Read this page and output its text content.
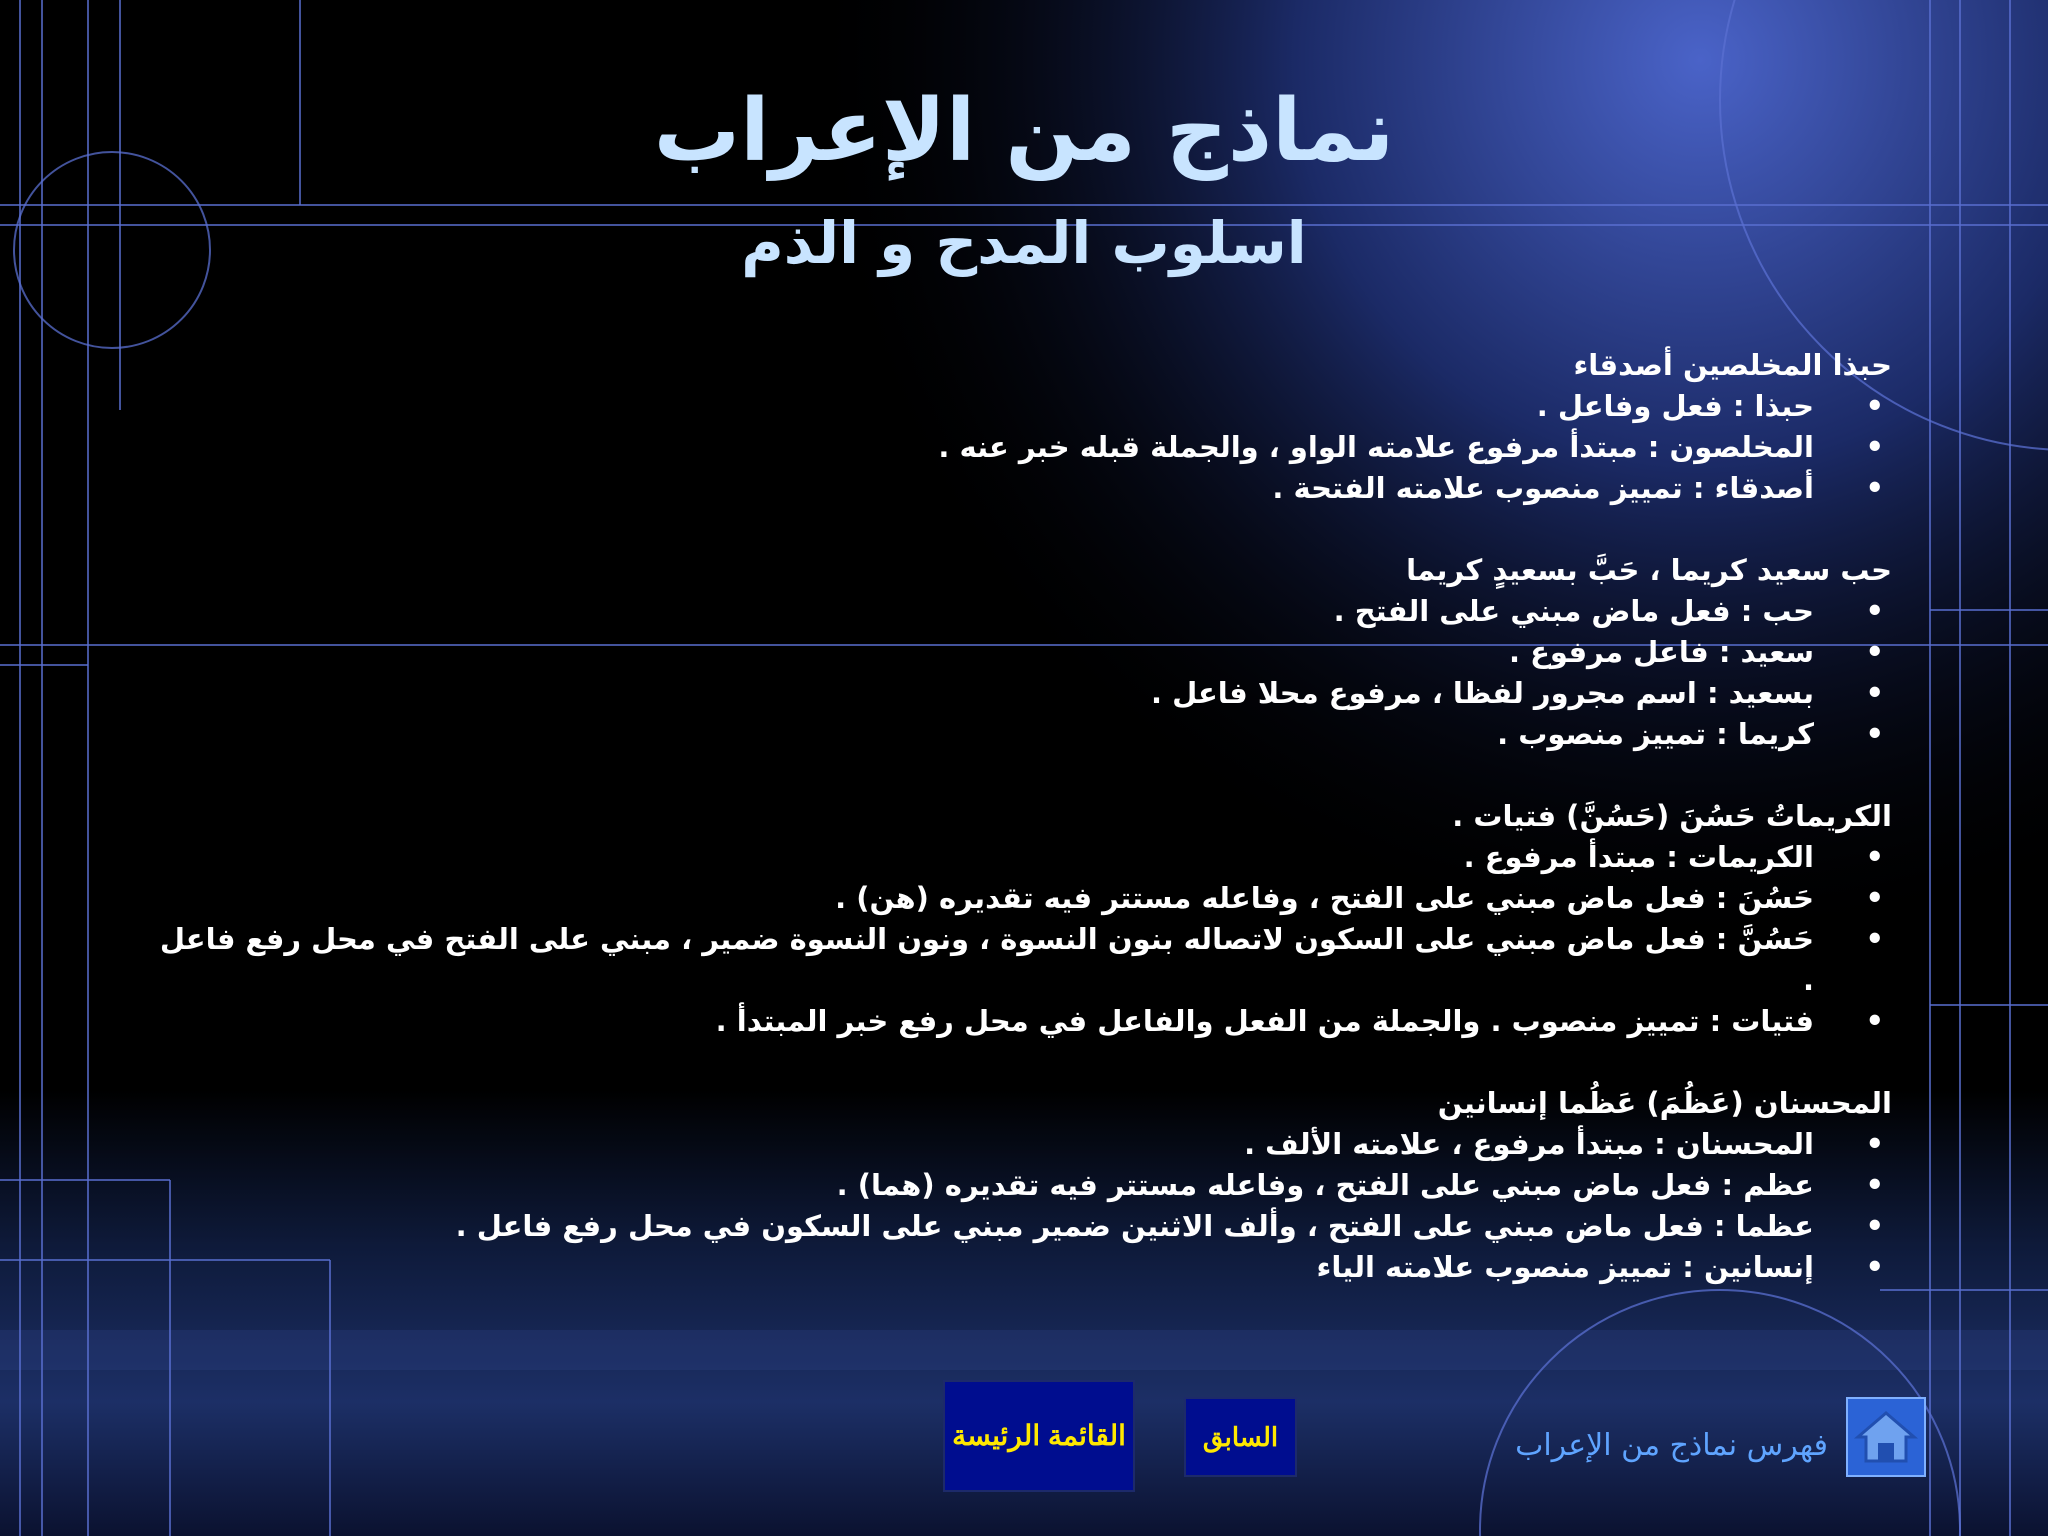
نماذج من الإعراب
اسلوب المدح و الذم
حبذا المخلصين أصدقاء
• حبذا : فعل وفاعل .
• المخلصون : مبتدأ مرفوع علامته الواو ، والجملة قبله خبر عنه .
• أصدقاء : تمييز منصوب علامته الفتحة .
حب سعيد كريما ، حَبَّ بسعيدٍ كريما
• حب : فعل ماض مبني على الفتح .
• سعيد : فاعل مرفوع .
• بسعيد : اسم مجرور لفظا ، مرفوع محلا فاعل .
• كريما : تمييز منصوب .
الكريماتُ حَسُنَ (حَسُنَّ) فتيات .
• الكريمات : مبتدأ مرفوع .
• حَسُنَ : فعل ماض مبني على الفتح ، وفاعله مستتر فيه تقديره (هن) .
• حَسُنَّ : فعل ماض مبني على السكون لاتصاله بنون النسوة ، ونون النسوة ضمير ، مبني على الفتح في محل رفع فاعل .
• فتيات : تمييز منصوب . والجملة من الفعل والفاعل في محل رفع خبر المبتدأ .
المحسنان (عَظُمَ) عَظُما إنسانين
• المحسنان : مبتدأ مرفوع ، علامته الألف .
• عظم : فعل ماض مبني على الفتح ، وفاعله مستتر فيه تقديره (هما) .
• عظما : فعل ماض مبني على الفتح ، وألف الاثنين ضمير مبني على السكون في محل رفع فاعل .
• إنسانين : تمييز منصوب علامته الياء
القائمة الرئيسة	السابق	فهرس نماذج من الإعراب
